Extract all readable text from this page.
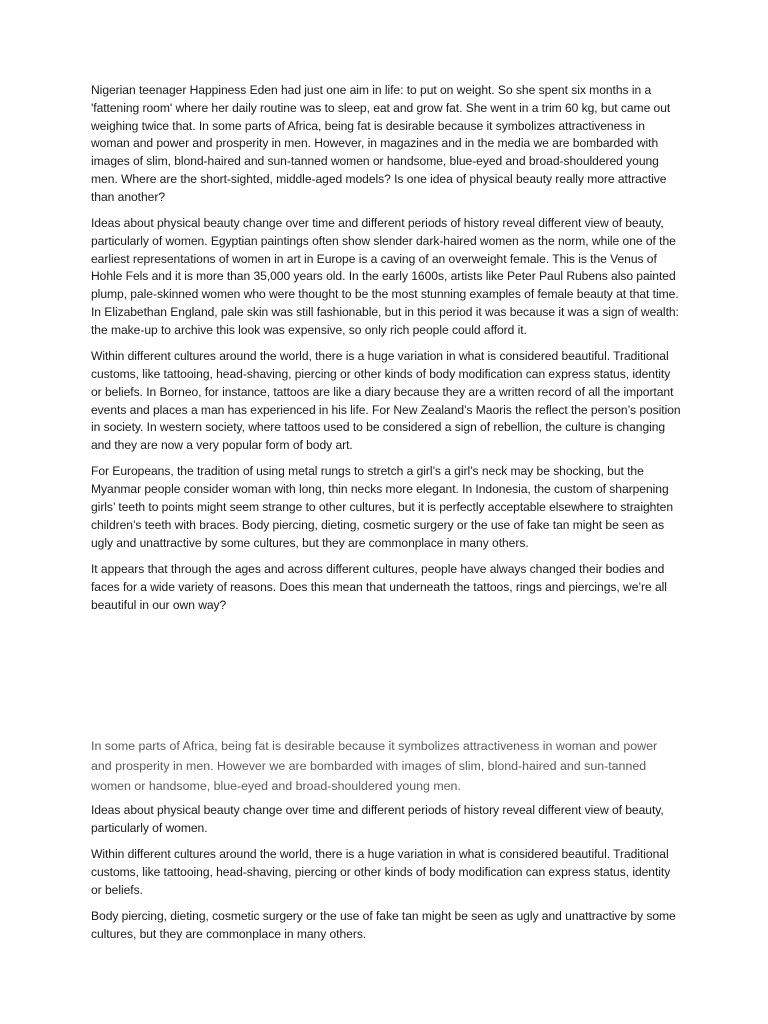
Nigerian teenager Happiness Eden had just one aim in life: to put on weight. So she spent six months in a 'fattening room' where her daily routine was to sleep, eat and grow fat. She went in a trim 60 kg, but came out weighing twice that. In some parts of Africa, being fat is desirable because it symbolizes attractiveness in woman and power and prosperity in men. However, in magazines and in the media we are bombarded with images of slim, blond-haired and sun-tanned women or handsome, blue-eyed and broad-shouldered young men. Where are the short-sighted, middle-aged models? Is one idea of physical beauty really more attractive than another?

Ideas about physical beauty change over time and different periods of history reveal different view of beauty, particularly of women. Egyptian paintings often show slender dark-haired women as the norm, while one of the earliest representations of women in art in Europe is a caving of an overweight female. This is the Venus of Hohle Fels and it is more than 35,000 years old. In the early 1600s, artists like Peter Paul Rubens also painted plump, pale-skinned women who were thought to be the most stunning examples of female beauty at that time. In Elizabethan England, pale skin was still fashionable, but in this period it was because it was a sign of wealth: the make-up to archive this look was expensive, so only rich people could afford it.

Within different cultures around the world, there is a huge variation in what is considered beautiful. Traditional customs, like tattooing, head-shaving, piercing or other kinds of body modification can express status, identity or beliefs. In Borneo, for instance, tattoos are like a diary because they are a written record of all the important events and places a man has experienced in his life. For New Zealand’s Maoris the reflect the person’s position in society. In western society, where tattoos used to be considered a sign of rebellion, the culture is changing and they are now a very popular form of body art.

For Europeans, the tradition of using metal rungs to stretch a girl’s a girl’s neck may be shocking, but the Myanmar people consider woman with long, thin necks more elegant. In Indonesia, the custom of sharpening girls’ teeth to points might seem strange to other cultures, but it is perfectly acceptable elsewhere to straighten children’s teeth with braces. Body piercing, dieting, cosmetic surgery or the use of fake tan might be seen as ugly and unattractive by some cultures, but they are commonplace in many others.

It appears that through the ages and across different cultures, people have always changed their bodies and faces for a wide variety of reasons. Does this mean that underneath the tattoos, rings and piercings, we’re all beautiful in our own way?

In some parts of Africa, being fat is desirable because it symbolizes attractiveness in woman and power and prosperity in men. However we are bombarded with images of slim, blond-haired and sun-tanned women or handsome, blue-eyed and broad-shouldered young men.

Ideas about physical beauty change over time and different periods of history reveal different view of beauty, particularly of women.

Within different cultures around the world, there is a huge variation in what is considered beautiful. Traditional customs, like tattooing, head-shaving, piercing or other kinds of body modification can express status, identity or beliefs.

Body piercing, dieting, cosmetic surgery or the use of fake tan might be seen as ugly and unattractive by some cultures, but they are commonplace in many others.
